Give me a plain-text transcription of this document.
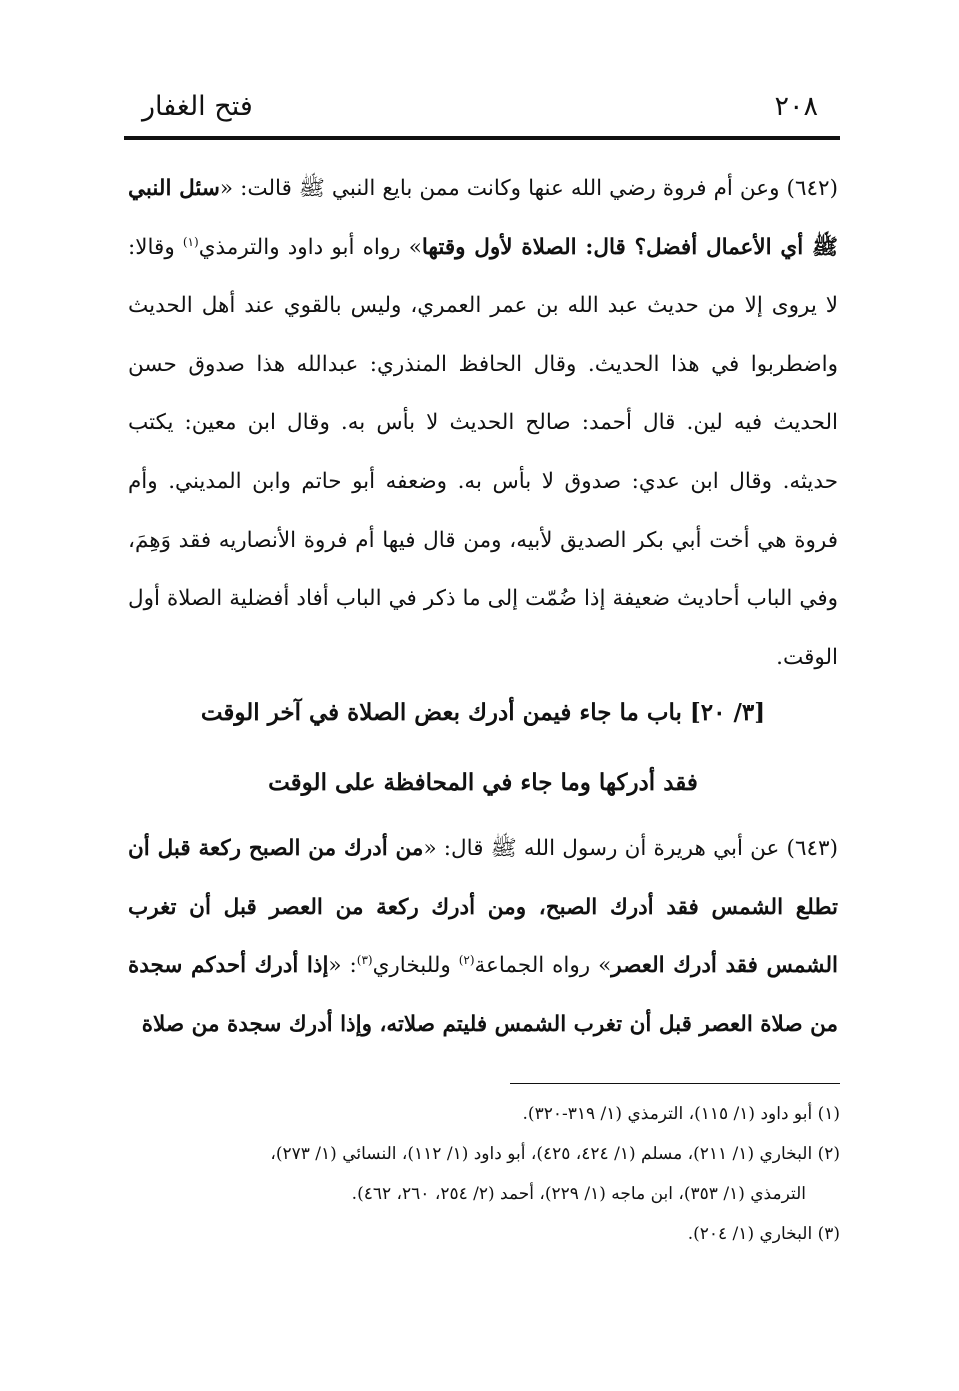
٢٠٨
فتح الغفار

(٦٤٢) وعن أم فروة رضي الله عنها وكانت ممن بايع النبي ﷺ قالت: «سئل النبي ﷺ أي الأعمال أفضل؟ قال: الصلاة لأول وقتها» رواه أبو داود والترمذي$^{(١)}$ وقالا: لا يروى إلا من حديث عبد الله بن عمر العمري، وليس بالقوي عند أهل الحديث واضطربوا في هذا الحديث. وقال الحافظ المنذري: عبدالله هذا صدوق حسن الحديث فيه لين. قال أحمد: صالح الحديث لا بأس به. وقال ابن معين: يكتب حديثه. وقال ابن عدي: صدوق لا بأس به. وضعفه أبو حاتم وابن المديني. وأم فروة هي أخت أبي بكر الصديق لأبيه، ومن قال فيها أم فروة الأنصاريه فقد وَهِمَ، وفي الباب أحاديث ضعيفة إذا ضُمّت إلى ما ذكر في الباب أفاد أفضلية الصلاة أول الوقت.

[٣/ ٢٠] باب ما جاء فيمن أدرك بعض الصلاة في آخر الوقت

فقد أدركها وما جاء في المحافظة على الوقت

(٦٤٣) عن أبي هريرة أن رسول الله ﷺ قال: «من أدرك من الصبح ركعة قبل أن تطلع الشمس فقد أدرك الصبح، ومن أدرك ركعة من العصر قبل أن تغرب الشمس فقد أدرك العصر» رواه الجماعة$^{(٢)}$ وللبخاري$^{(٣)}$: «إذا أدرك أحدكم سجدة من صلاة العصر قبل أن تغرب الشمس فليتم صلاته، وإذا أدرك سجدة من صلاة

(١) أبو داود (١/ ١١٥)، الترمذي (١/ ٣١٩-٣٢٠).
(٢) البخاري (١/ ٢١١)، مسلم (١/ ٤٢٤، ٤٢٥)، أبو داود (١/ ١١٢)، النسائي (١/ ٢٧٣)،
الترمذي (١/ ٣٥٣)، ابن ماجه (١/ ٢٢٩)، أحمد (٢/ ٢٥٤، ٢٦٠، ٤٦٢).
(٣) البخاري (١/ ٢٠٤).
